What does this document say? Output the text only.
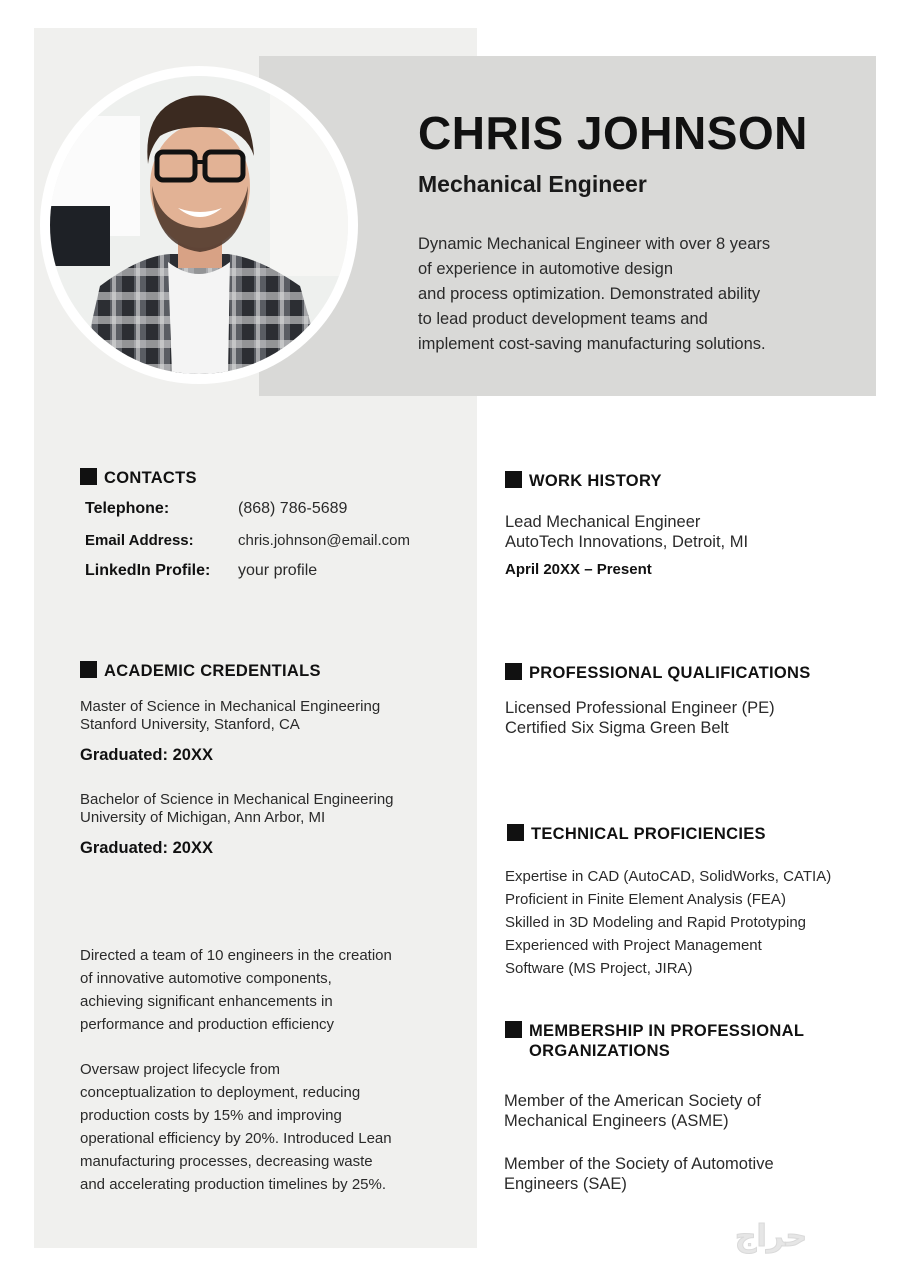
CHRIS JOHNSON
Mechanical Engineer
Dynamic Mechanical Engineer with over 8 years
of experience in automotive design
and process optimization. Demonstrated ability
to lead product development teams and
implement cost-saving manufacturing solutions.
CONTACTS
Telephone:	(868) 786-5689
Email Address:	chris.johnson@email.com
LinkedIn Profile: your profile
ACADEMIC CREDENTIALS
Master of Science in Mechanical Engineering
Stanford University, Stanford, CA
Graduated: 20XX
Bachelor of Science in Mechanical Engineering
University of Michigan, Ann Arbor, MI
Graduated: 20XX
Directed a team of 10 engineers in the creation
of innovative automotive components,
achieving significant enhancements in
performance and production efficiency
Oversaw project lifecycle from
conceptualization to deployment, reducing
production costs by 15% and improving
operational efficiency by 20%. Introduced Lean
manufacturing processes, decreasing waste
and accelerating production timelines by 25%.
WORK HISTORY
Lead Mechanical Engineer
AutoTech Innovations, Detroit, MI
April 20XX – Present
PROFESSIONAL QUALIFICATIONS
Licensed Professional Engineer (PE)
Certified Six Sigma Green Belt
TECHNICAL PROFICIENCIES
Expertise in CAD (AutoCAD, SolidWorks, CATIA)
Proficient in Finite Element Analysis (FEA)
Skilled in 3D Modeling and Rapid Prototyping
Experienced with Project Management
Software (MS Project, JIRA)
MEMBERSHIP IN PROFESSIONAL
ORGANIZATIONS
Member of the American Society of
Mechanical Engineers (ASME)
Member of the Society of Automotive
Engineers (SAE)
حراج
